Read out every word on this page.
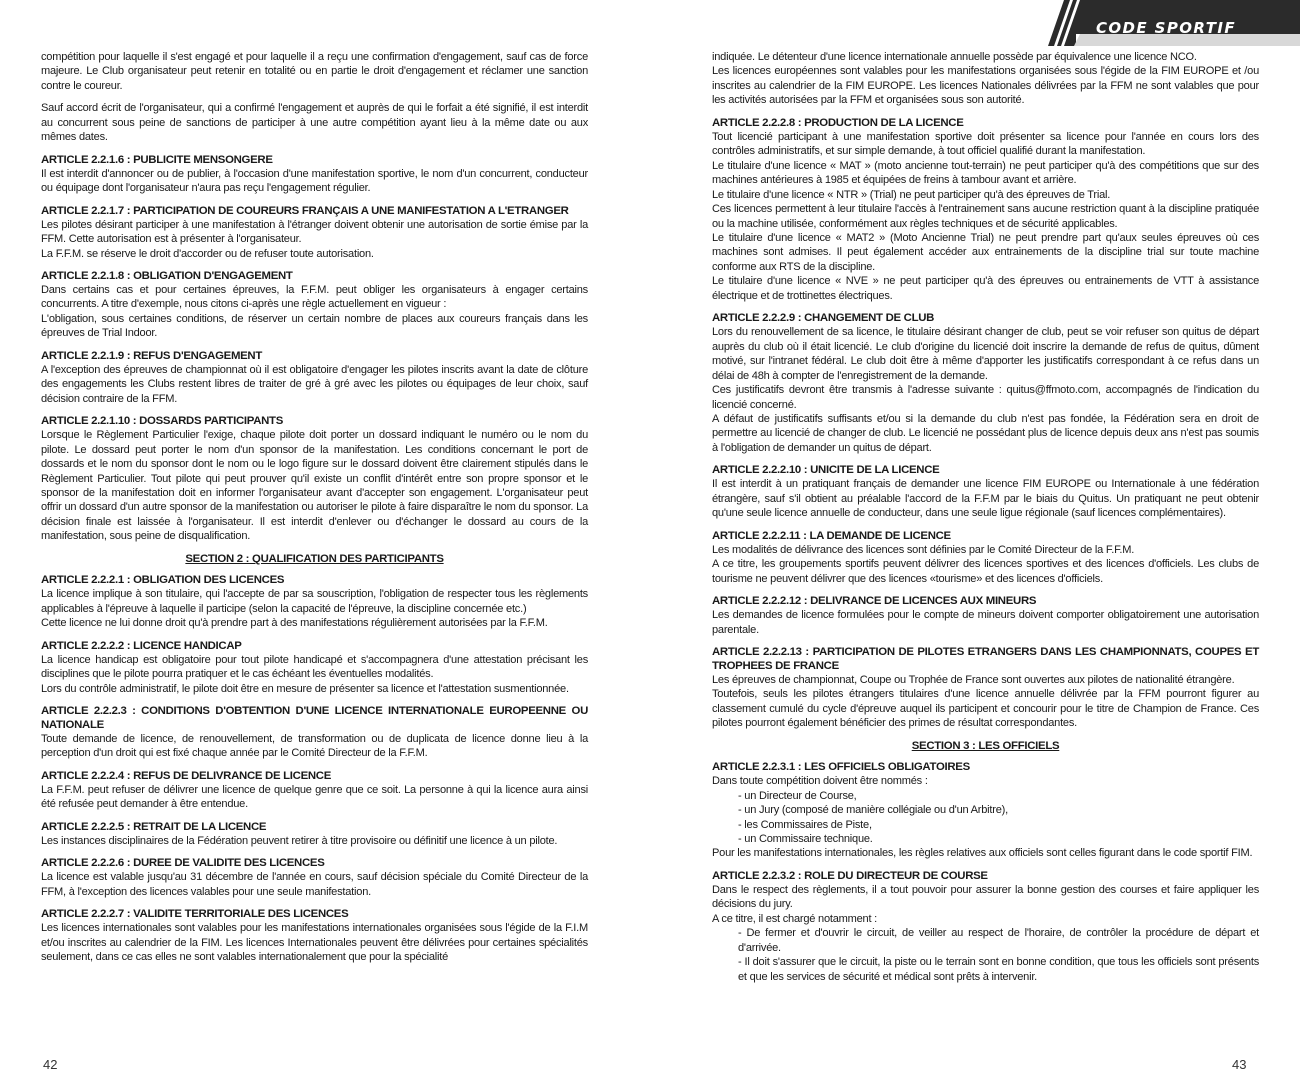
CODE SPORTIF

compétition pour laquelle il s'est engagé et pour laquelle il a reçu une confirmation d'engagement, sauf cas de force majeure. Le Club organisateur peut retenir en totalité ou en partie le droit d'engagement et réclamer une sanction contre le coureur.

Sauf accord écrit de l'organisateur, qui a confirmé l'engagement et auprès de qui le forfait a été signifié, il est interdit au concurrent sous peine de sanctions de participer à une autre compétition ayant lieu à la même date ou aux mêmes dates.

ARTICLE 2.2.1.6 : PUBLICITE MENSONGERE

Il est interdit d'annoncer ou de publier, à l'occasion d'une manifestation sportive, le nom d'un concurrent, conducteur ou équipage dont l'organisateur n'aura pas reçu l'engagement régulier.

ARTICLE 2.2.1.7 : PARTICIPATION DE COUREURS FRANÇAIS A UNE MANIFESTATION A L'ETRANGER

Les pilotes désirant participer à une manifestation à l'étranger doivent obtenir une autorisation de sortie émise par la FFM. Cette autorisation est à présenter à l'organisateur.

La F.F.M. se réserve le droit d'accorder ou de refuser toute autorisation.

ARTICLE 2.2.1.8 : OBLIGATION D'ENGAGEMENT

Dans certains cas et pour certaines épreuves, la F.F.M. peut obliger les organisateurs à engager certains concurrents. A titre d'exemple, nous citons ci-après une règle actuellement en vigueur :

L'obligation, sous certaines conditions, de réserver un certain nombre de places aux coureurs français dans les épreuves de Trial Indoor.

ARTICLE 2.2.1.9 : REFUS D'ENGAGEMENT

A l'exception des épreuves de championnat où il est obligatoire d'engager les pilotes inscrits avant la date de clôture des engagements les Clubs restent libres de traiter de gré à gré avec les pilotes ou équipages de leur choix, sauf décision contraire de la FFM.

ARTICLE 2.2.1.10 : DOSSARDS PARTICIPANTS

Lorsque le Règlement Particulier l'exige, chaque pilote doit porter un dossard indiquant le numéro ou le nom du pilote. Le dossard peut porter le nom d'un sponsor de la manifestation. Les conditions concernant le port de dossards et le nom du sponsor dont le nom ou le logo figure sur le dossard doivent être clairement stipulés dans le Règlement Particulier. Tout pilote qui peut prouver qu'il existe un conflit d'intérêt entre son propre sponsor et le sponsor de la manifestation doit en informer l'organisateur avant d'accepter son engagement. L'organisateur peut offrir un dossard d'un autre sponsor de la manifestation ou autoriser le pilote à faire disparaître le nom du sponsor. La décision finale est laissée à l'organisateur. Il est interdit d'enlever ou d'échanger le dossard au cours de la manifestation, sous peine de disqualification.

SECTION 2 : QUALIFICATION DES PARTICIPANTS
ARTICLE 2.2.2.1 : OBLIGATION DES LICENCES

La licence implique à son titulaire, qui l'accepte de par sa souscription, l'obligation de respecter tous les règlements applicables à l'épreuve à laquelle il participe (selon la capacité de l'épreuve, la discipline concernée etc.)

Cette licence ne lui donne droit qu'à prendre part à des manifestations régulièrement autorisées par la F.F.M.

ARTICLE 2.2.2.2 : LICENCE HANDICAP

La licence handicap est obligatoire pour tout pilote handicapé et s'accompagnera d'une attestation précisant les disciplines que le pilote pourra pratiquer et le cas échéant les éventuelles modalités.

Lors du contrôle administratif, le pilote doit être en mesure de présenter sa licence et l'attestation susmentionnée.

ARTICLE 2.2.2.3 : CONDITIONS D'OBTENTION D'UNE LICENCE INTERNATIONALE EUROPEENNE OU NATIONALE

Toute demande de licence, de renouvellement, de transformation ou de duplicata de licence donne lieu à la perception d'un droit qui est fixé chaque année par le Comité Directeur de la F.F.M.

ARTICLE 2.2.2.4 : REFUS DE DELIVRANCE DE LICENCE

La F.F.M. peut refuser de délivrer une licence de quelque genre que ce soit. La personne à qui la licence aura ainsi été refusée peut demander à être entendue.

ARTICLE 2.2.2.5 : RETRAIT DE LA LICENCE

Les instances disciplinaires de la Fédération peuvent retirer à titre provisoire ou définitif une licence à un pilote.

ARTICLE 2.2.2.6 : DUREE DE VALIDITE DES LICENCES

La licence est valable jusqu'au 31 décembre de l'année en cours, sauf décision spéciale du Comité Directeur de la FFM, à l'exception des licences valables pour une seule manifestation.

ARTICLE 2.2.2.7 : VALIDITE TERRITORIALE DES LICENCES

Les licences internationales sont valables pour les manifestations internationales organisées sous l'égide de la F.I.M et/ou inscrites au calendrier de la FIM. Les licences Internationales peuvent être délivrées pour certaines spécialités seulement, dans ce cas elles ne sont valables internationalement que pour la spécialité

42

indiquée. Le détenteur d'une licence internationale annuelle possède par équivalence une licence NCO.

Les licences européennes sont valables pour les manifestations organisées sous l'égide de la FIM EUROPE et /ou inscrites au calendrier de la FIM EUROPE. Les licences Nationales délivrées par la FFM ne sont valables que pour les activités autorisées par la FFM et organisées sous son autorité.

ARTICLE 2.2.2.8 : PRODUCTION DE LA LICENCE

Tout licencié participant à une manifestation sportive doit présenter sa licence pour l'année en cours lors des contrôles administratifs, et sur simple demande, à tout officiel qualifié durant la manifestation.

Le titulaire d'une licence « MAT » (moto ancienne tout-terrain) ne peut participer qu'à des compétitions que sur des machines antérieures à 1985 et équipées de freins à tambour avant et arrière.

Le titulaire d'une licence « NTR » (Trial) ne peut participer qu'à des épreuves de Trial.

Ces licences permettent à leur titulaire l'accès à l'entrainement sans aucune restriction quant à la discipline pratiquée ou la machine utilisée, conformément aux règles techniques et de sécurité applicables.

Le titulaire d'une licence « MAT2 » (Moto Ancienne Trial) ne peut prendre part qu'aux seules épreuves où ces machines sont admises. Il peut également accéder aux entrainements de la discipline trial sur toute machine conforme aux RTS de la discipline.

Le titulaire d'une licence « NVE » ne peut participer qu'à des épreuves ou entrainements de VTT à assistance électrique et de trottinettes électriques.

ARTICLE 2.2.2.9 : CHANGEMENT DE CLUB

Lors du renouvellement de sa licence, le titulaire désirant changer de club, peut se voir refuser son quitus de départ auprès du club où il était licencié. Le club d'origine du licencié doit inscrire la demande de refus de quitus, dûment motivé, sur l'intranet fédéral. Le club doit être à même d'apporter les justificatifs correspondant à ce refus dans un délai de 48h à compter de l'enregistrement de la demande.

Ces justificatifs devront être transmis à l'adresse suivante : quitus@ffmoto.com, accompagnés de l'indication du licencié concerné.

A défaut de justificatifs suffisants et/ou si la demande du club n'est pas fondée, la Fédération sera en droit de permettre au licencié de changer de club. Le licencié ne possédant plus de licence depuis deux ans n'est pas soumis à l'obligation de demander un quitus de départ.

ARTICLE 2.2.2.10 : UNICITE DE LA LICENCE

Il est interdit à un pratiquant français de demander une licence FIM EUROPE ou Internationale à une fédération étrangère, sauf s'il obtient au préalable l'accord de la F.F.M par le biais du Quitus. Un pratiquant ne peut obtenir qu'une seule licence annuelle de conducteur, dans une seule ligue régionale (sauf licences complémentaires).

ARTICLE 2.2.2.11 : LA DEMANDE DE LICENCE

Les modalités de délivrance des licences sont définies par le Comité Directeur de la F.F.M.

A ce titre, les groupements sportifs peuvent délivrer des licences sportives et des licences d'officiels. Les clubs de tourisme ne peuvent délivrer que des licences «tourisme» et des licences d'officiels.

ARTICLE 2.2.2.12 : DELIVRANCE DE LICENCES AUX MINEURS

Les demandes de licence formulées pour le compte de mineurs doivent comporter obligatoirement une autorisation parentale.

ARTICLE 2.2.2.13 : PARTICIPATION DE PILOTES ETRANGERS DANS LES CHAMPIONNATS, COUPES ET TROPHEES DE FRANCE

Les épreuves de championnat, Coupe ou Trophée de France sont ouvertes aux pilotes de nationalité étrangère.

Toutefois, seuls les pilotes étrangers titulaires d'une licence annuelle délivrée par la FFM pourront figurer au classement cumulé du cycle d'épreuve auquel ils participent et concourir pour le titre de Champion de France. Ces pilotes pourront également bénéficier des primes de résultat correspondantes.

SECTION 3 : LES OFFICIELS
ARTICLE 2.2.3.1 : LES OFFICIELS OBLIGATOIRES

Dans toute compétition doivent être nommés :

- un Directeur de Course,
- un Jury (composé de manière collégiale ou d'un Arbitre),
- les Commissaires de Piste,
- un Commissaire technique.

Pour les manifestations internationales, les règles relatives aux officiels sont celles figurant dans le code sportif FIM.

ARTICLE 2.2.3.2 : ROLE DU DIRECTEUR DE COURSE

Dans le respect des règlements, il a tout pouvoir pour assurer la bonne gestion des courses et faire appliquer les décisions du jury.

A ce titre, il est chargé notamment :

- De fermer et d'ouvrir le circuit, de veiller au respect de l'horaire, de contrôler la procédure de départ et d'arrivée.
- Il doit s'assurer que le circuit, la piste ou le terrain sont en bonne condition, que tous les officiels sont présents et que les services de sécurité et médical sont prêts à intervenir.
43
